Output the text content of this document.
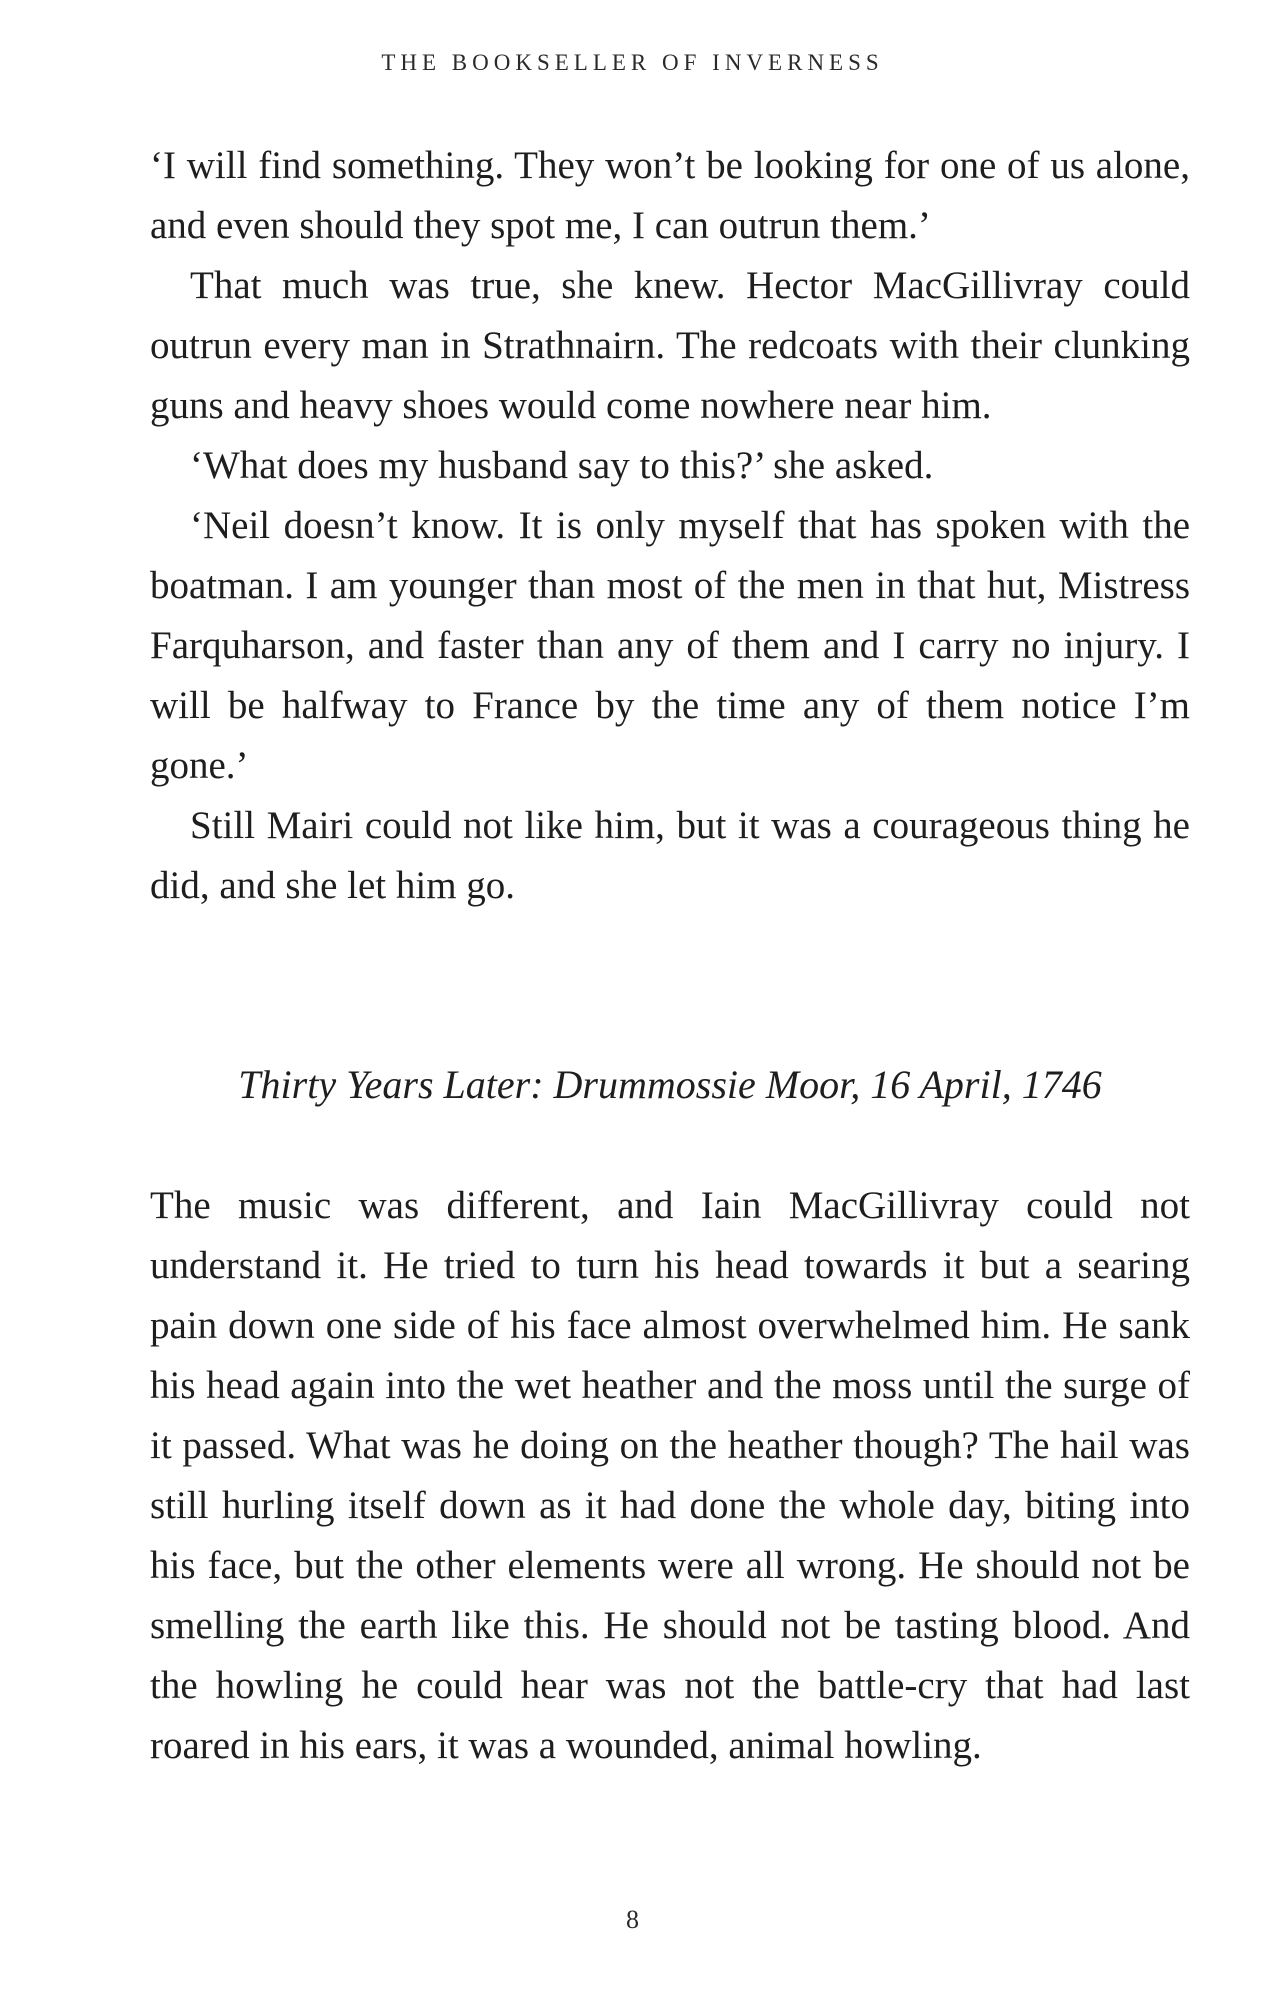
THE BOOKSELLER OF INVERNESS

‘I will find something. They won’t be looking for one of us alone, and even should they spot me, I can outrun them.’

That much was true, she knew. Hector MacGillivray could outrun every man in Strathnairn. The redcoats with their clunking guns and heavy shoes would come nowhere near him.

‘What does my husband say to this?’ she asked.

‘Neil doesn’t know. It is only myself that has spoken with the boatman. I am younger than most of the men in that hut, Mistress Farquharson, and faster than any of them and I carry no injury. I will be halfway to France by the time any of them notice I’m gone.’

Still Mairi could not like him, but it was a courageous thing he did, and she let him go.

Thirty Years Later: Drummossie Moor, 16 April, 1746

The music was different, and Iain MacGillivray could not understand it. He tried to turn his head towards it but a searing pain down one side of his face almost overwhelmed him. He sank his head again into the wet heather and the moss until the surge of it passed. What was he doing on the heather though? The hail was still hurling itself down as it had done the whole day, biting into his face, but the other elements were all wrong. He should not be smelling the earth like this. He should not be tasting blood. And the howling he could hear was not the battle-cry that had last roared in his ears, it was a wounded, animal howling.

8
